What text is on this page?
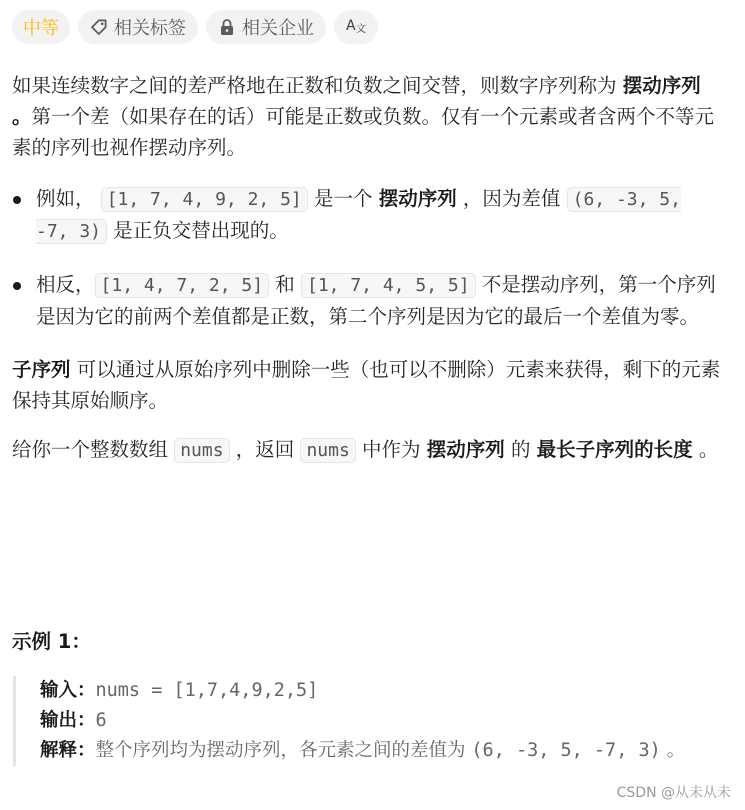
中等	相关标签	相关企业 A 文

如果连续数字之间的差严格地在正数和负数之间交替，则数字序列称为 摆动序列 。第一个差（如果存在的话）可能是正数或负数。仅有一个元素或者含两个不等元素的序列也视作摆动序列。

例如， [1, 7, 4, 9, 2, 5] 是一个 摆动序列 ，因为差值 (6, -3, 5, -7, 3) 是正负交替出现的。
相反， [1, 4, 7, 2, 5] 和 [1, 7, 4, 5, 5] 不是摆动序列，第一个序列是因为它的前两个差值都是正数，第二个序列是因为它的最后一个差值为零。

子序列 可以通过从原始序列中删除一些（也可以不删除）元素来获得，剩下的元素保持其原始顺序。

给你一个整数数组 nums ，返回 nums 中作为 摆动序列 的 最长子序列的长度 。

示例 1：
输入：nums = [1,7,4,9,2,5]
输出：6
解释：整个序列均为摆动序列，各元素之间的差值为 (6, -3, 5, -7, 3) 。
CSDN @从未从未
